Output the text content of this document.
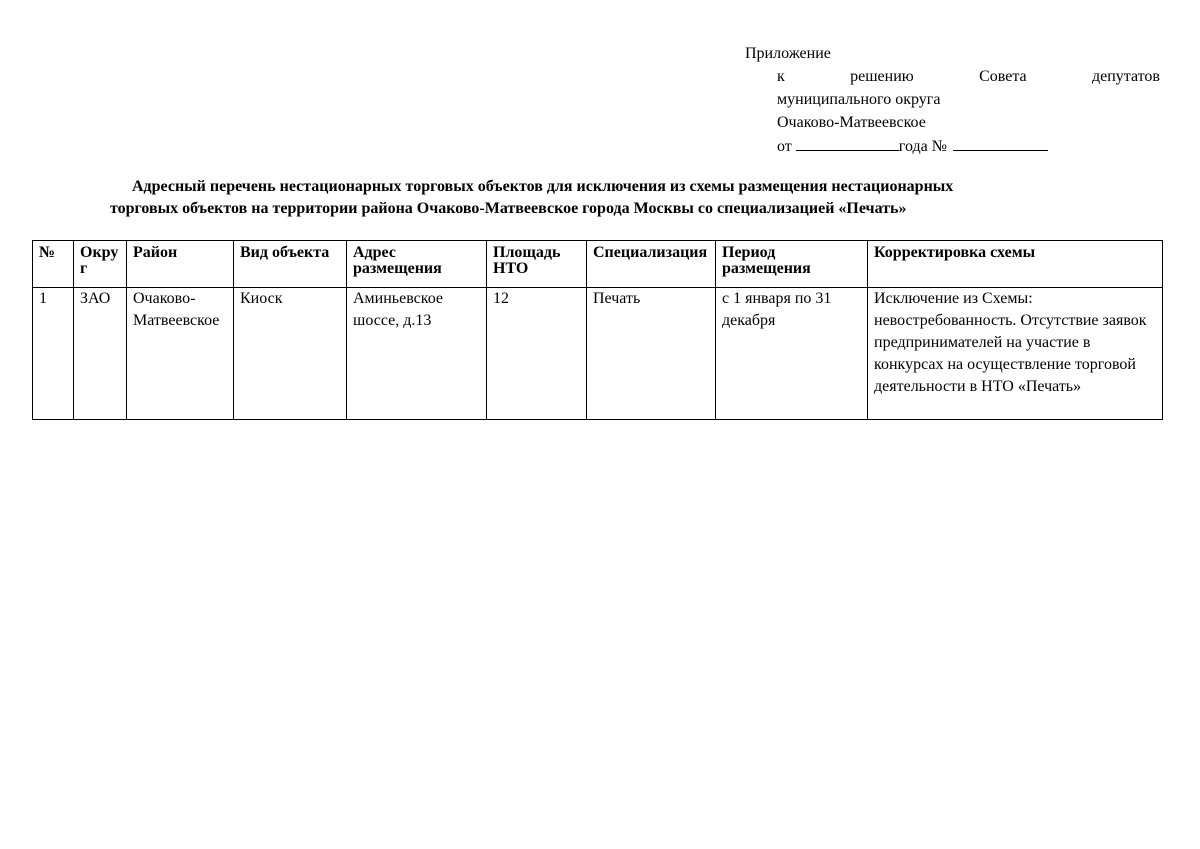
Приложение
к	решению	Совета	депутатов
муниципального округа
Очаково-Матвеевское
от	года №
Адресный перечень нестационарных торговых объектов для исключения из схемы размещения нестационарных
торговых объектов на территории района Очаково-Матвеевское города Москвы со специализацией «Печать»
№	Округ	Район	Вид объекта	Адрес размещения	Площадь НТО	Специализация	Период размещения	Корректировка схемы
1	ЗАО	Очаково-Матвеевское	Киоск	Аминьевское шоссе, д.13	12	Печать	с 1 января по 31 декабря	Исключение из Схемы: невостребованность. Отсутствие заявок предпринимателей на участие в конкурсах на осуществление торговой деятельности в НТО «Печать»
